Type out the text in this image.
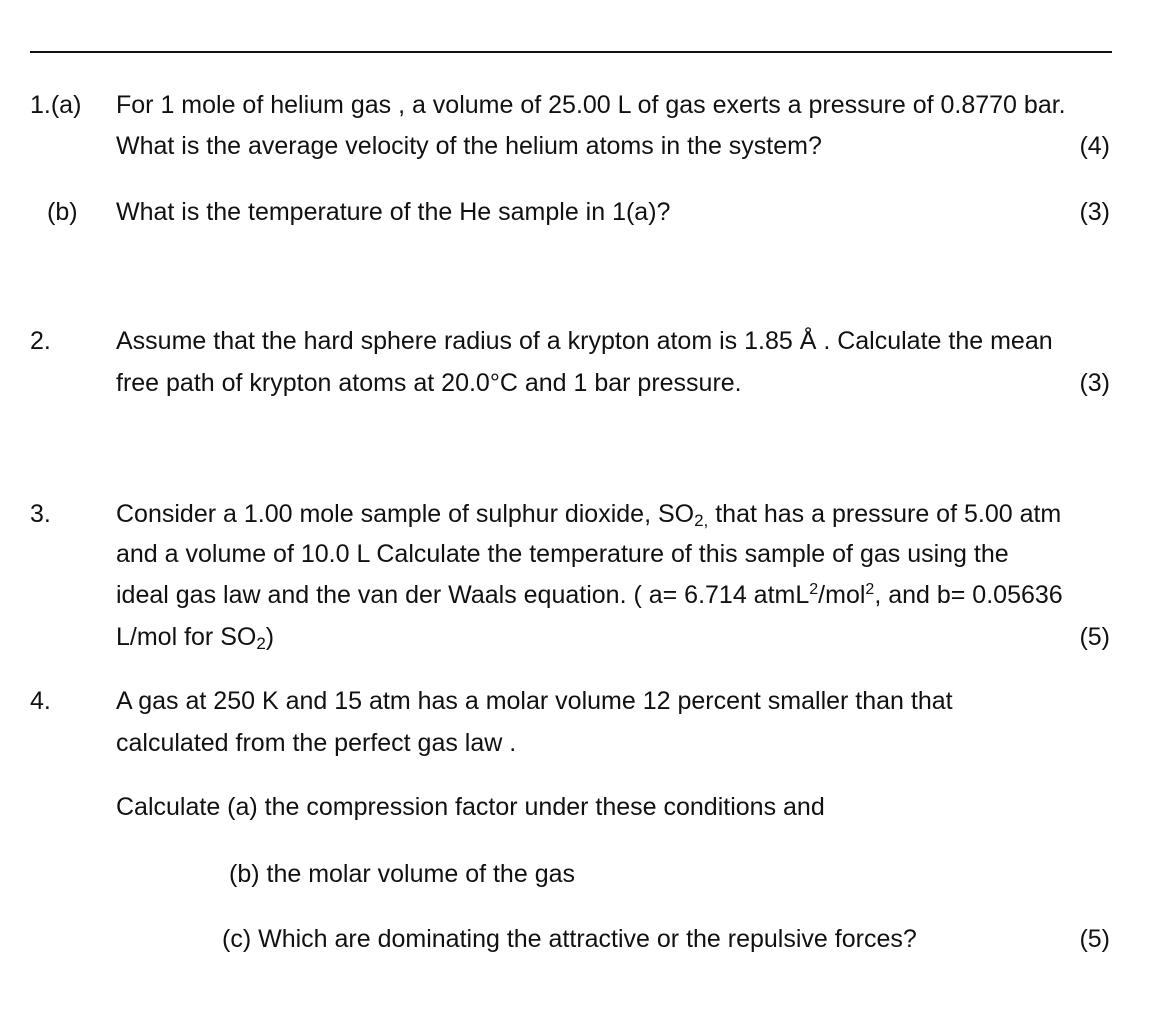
1.(a) For 1 mole of helium gas , a volume of 25.00 L of gas exerts a pressure of 0.8770 bar.
What is the average velocity of the helium atoms in the system?	(4)
(b) What is the temperature of the He sample in 1(a)?	(3)
2.	Assume that the hard sphere radius of a krypton atom is 1.85 Å . Calculate the mean
free path of krypton atoms at 20.0°C and 1 bar pressure.	(3)
3.	Consider a 1.00 mole sample of sulphur dioxide, $SO_{2,}$ that has a pressure of 5.00 atm
and a volume of 10.0 L Calculate the temperature of this sample of gas using the
ideal gas law and the van der Waals equation. ( a= 6.714 atmL$^2$/mol$^2$, and b= 0.05636
L/mol for $SO_2$)	(5)
4.	A gas at 250 K and 15 atm has a molar volume 12 percent smaller than that
calculated from the perfect gas law .
Calculate (a) the compression factor under these conditions and
(b) the molar volume of the gas
(c) Which are dominating the attractive or the repulsive forces?	(5)
